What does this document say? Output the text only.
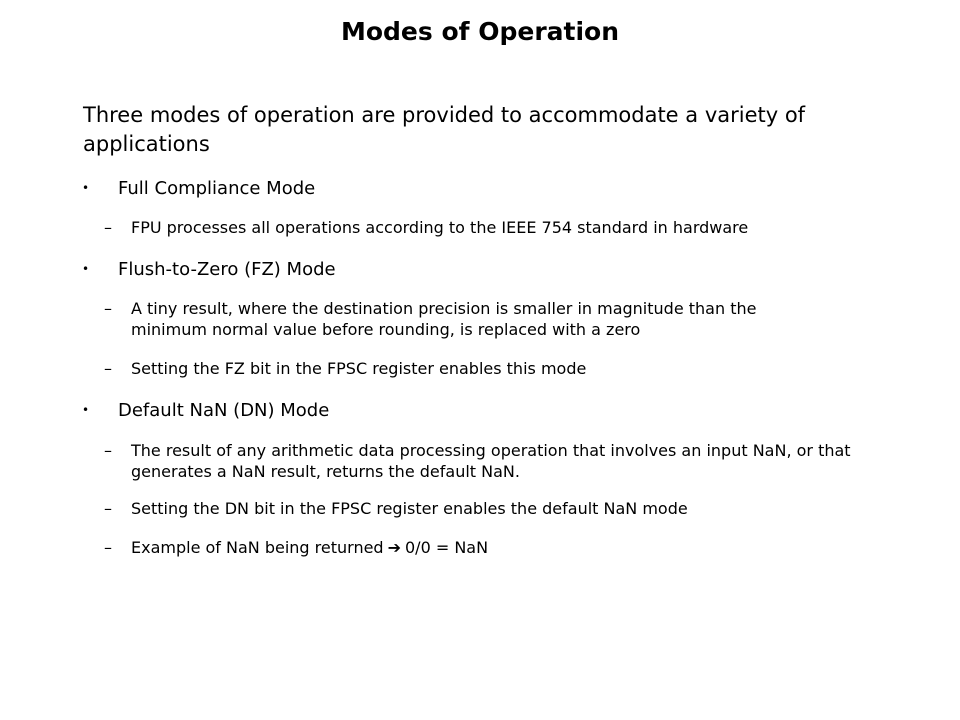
Modes of Operation
Three modes of operation are provided to accommodate a variety of applications
• Full Compliance Mode
– FPU processes all operations according to the IEEE 754 standard in hardware
• Flush-to-Zero (FZ) Mode
– A tiny result, where the destination precision is smaller in magnitude than the minimum normal value before rounding, is replaced with a zero
– Setting the FZ bit in the FPSC register enables this mode
• Default NaN (DN) Mode
– The result of any arithmetic data processing operation that involves an input NaN, or that generates a NaN result, returns the default NaN.
– Setting the DN bit in the FPSC register enables the default NaN mode
– Example of NaN being returned ➔ 0/0 = NaN
